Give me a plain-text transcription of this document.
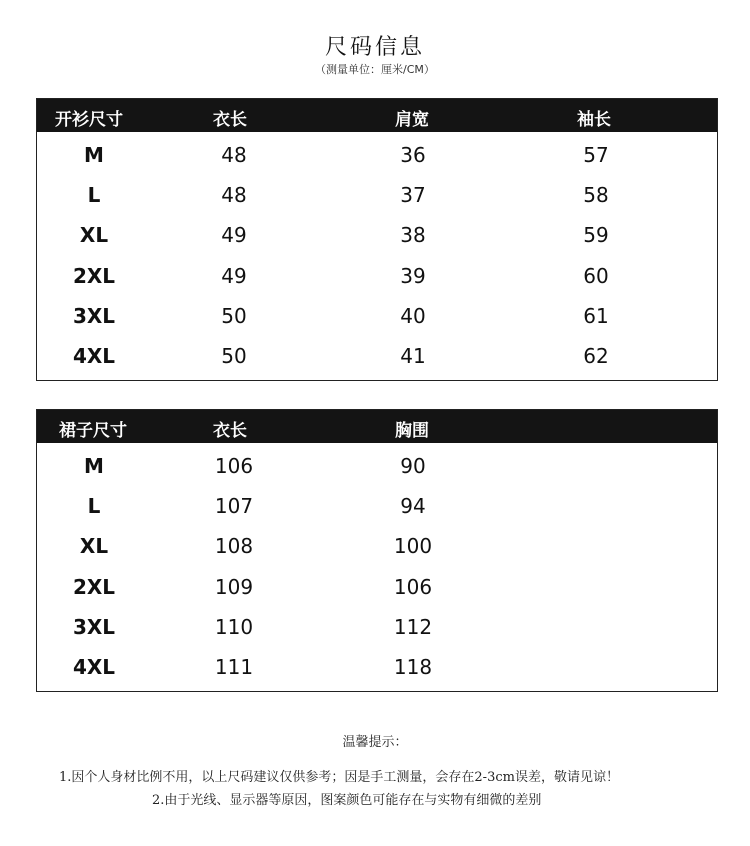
尺码信息
（测量单位：厘米/CM）
开衫尺寸	衣长	肩宽	袖长
M	48	36	57
L	48	37	58
XL	49	38	59
2XL	49	39	60
3XL	50	40	61
4XL	50	41	62
裙子尺寸	衣长	胸围
M	106	90
L	107	94
XL	108	100
2XL	109	106
3XL	110	112
4XL	111	118
温馨提示：
1.因个人身材比例不用，以上尺码建议仅供参考；因是手工测量，会存在2-3cm误差，敬请见谅！
2.由于光线、显示器等原因，图案颜色可能存在与实物有细微的差别
